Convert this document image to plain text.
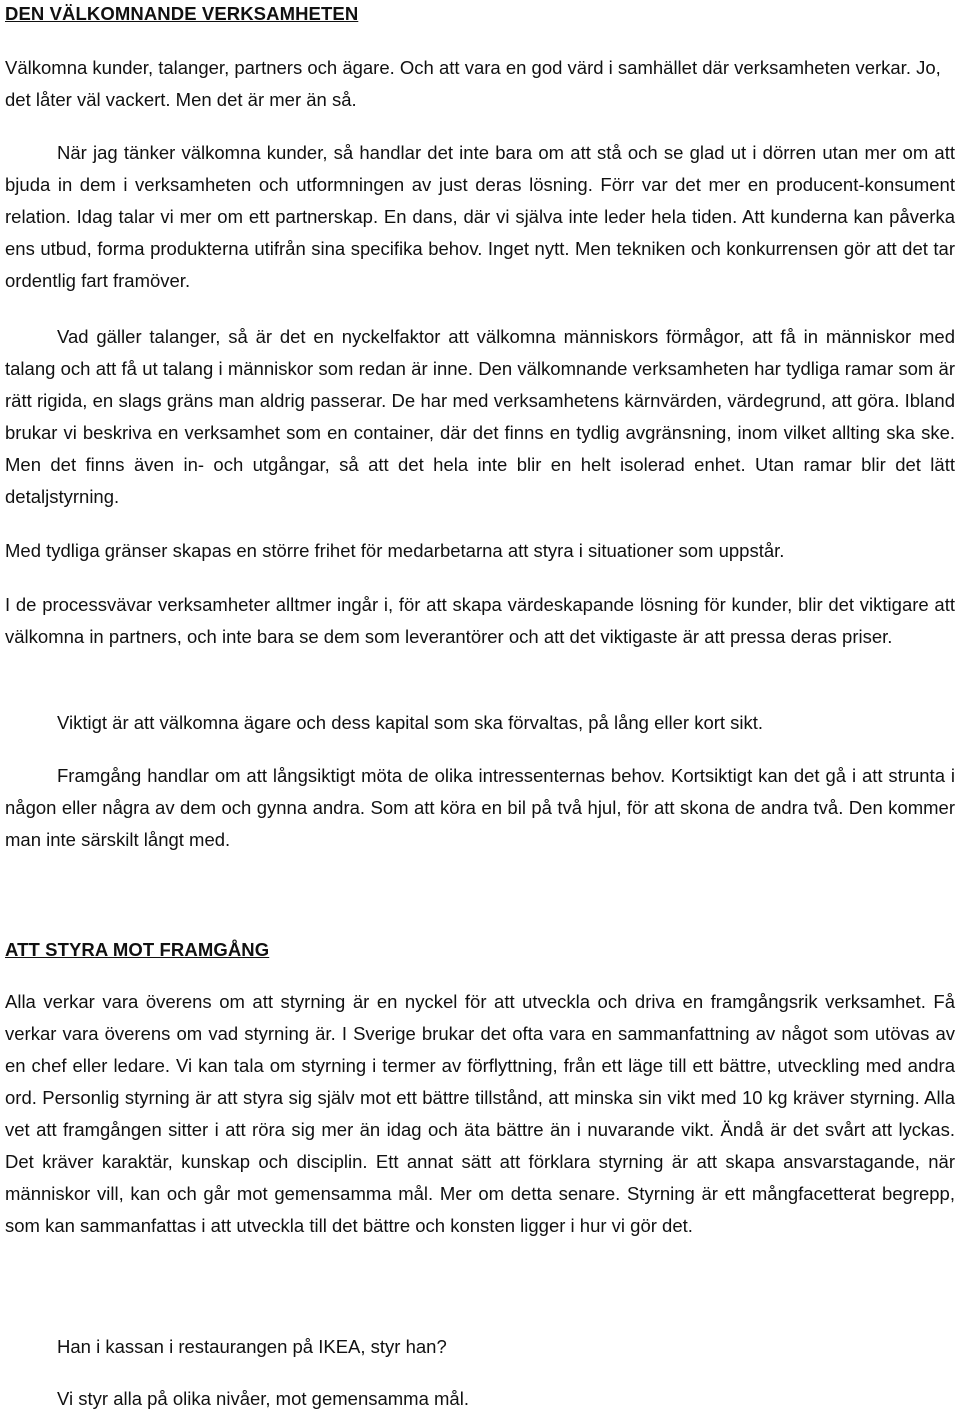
DEN VÄLKOMNANDE VERKSAMHETEN

Välkomna kunder, talanger, partners och ägare. Och att vara en god värd i samhället där verksamheten verkar. Jo, det låter väl vackert. Men det är mer än så.

När jag tänker välkomna kunder, så handlar det inte bara om att stå och se glad ut i dörren utan mer om att bjuda in dem i verksamheten och utformningen av just deras lösning. Förr var det mer en producent-konsument relation. Idag talar vi mer om ett partnerskap. En dans, där vi själva inte leder hela tiden. Att kunderna kan påverka ens utbud, forma produkterna utifrån sina specifika behov. Inget nytt. Men tekniken och konkurrensen gör att det tar ordentlig fart framöver.

Vad gäller talanger, så är det en nyckelfaktor att välkomna människors förmågor, att få in människor med talang och att få ut talang i människor som redan är inne. Den välkomnande verksamheten har tydliga ramar som är rätt rigida, en slags gräns man aldrig passerar. De har med verksamhetens kärnvärden, värdegrund, att göra. Ibland brukar vi beskriva en verksamhet som en container, där det finns en tydlig avgränsning, inom vilket allting ska ske. Men det finns även in- och utgångar, så att det hela inte blir en helt isolerad enhet. Utan ramar blir det lätt detaljstyrning.

Med tydliga gränser skapas en större frihet för medarbetarna att styra i situationer som uppstår.

I de processvävar verksamheter alltmer ingår i, för att skapa värdeskapande lösning för kunder, blir det viktigare att välkomna in partners, och inte bara se dem som leverantörer och att det viktigaste är att pressa deras priser.

Viktigt är att välkomna ägare och dess kapital som ska förvaltas, på lång eller kort sikt.

Framgång handlar om att långsiktigt möta de olika intressenternas behov. Kortsiktigt kan det gå i att strunta i någon eller några av dem och gynna andra. Som att köra en bil på två hjul, för att skona de andra två. Den kommer man inte särskilt långt med.

ATT STYRA MOT FRAMGÅNG

Alla verkar vara överens om att styrning är en nyckel för att utveckla och driva en framgångsrik verksamhet. Få verkar vara överens om vad styrning är. I Sverige brukar det ofta vara en sammanfattning av något som utövas av en chef eller ledare. Vi kan tala om styrning i termer av förflyttning, från ett läge till ett bättre, utveckling med andra ord. Personlig styrning är att styra sig själv mot ett bättre tillstånd, att minska sin vikt med 10 kg kräver styrning. Alla vet att framgången sitter i att röra sig mer än idag och äta bättre än i nuvarande vikt. Ändå är det svårt att lyckas. Det kräver karaktär, kunskap och disciplin. Ett annat sätt att förklara styrning är att skapa ansvarstagande, när människor vill, kan och går mot gemensamma mål. Mer om detta senare. Styrning är ett mångfacetterat begrepp, som kan sammanfattas i att utveckla till det bättre och konsten ligger i hur vi gör det.

Han i kassan i restaurangen på IKEA, styr han?

Vi styr alla på olika nivåer, mot gemensamma mål.
